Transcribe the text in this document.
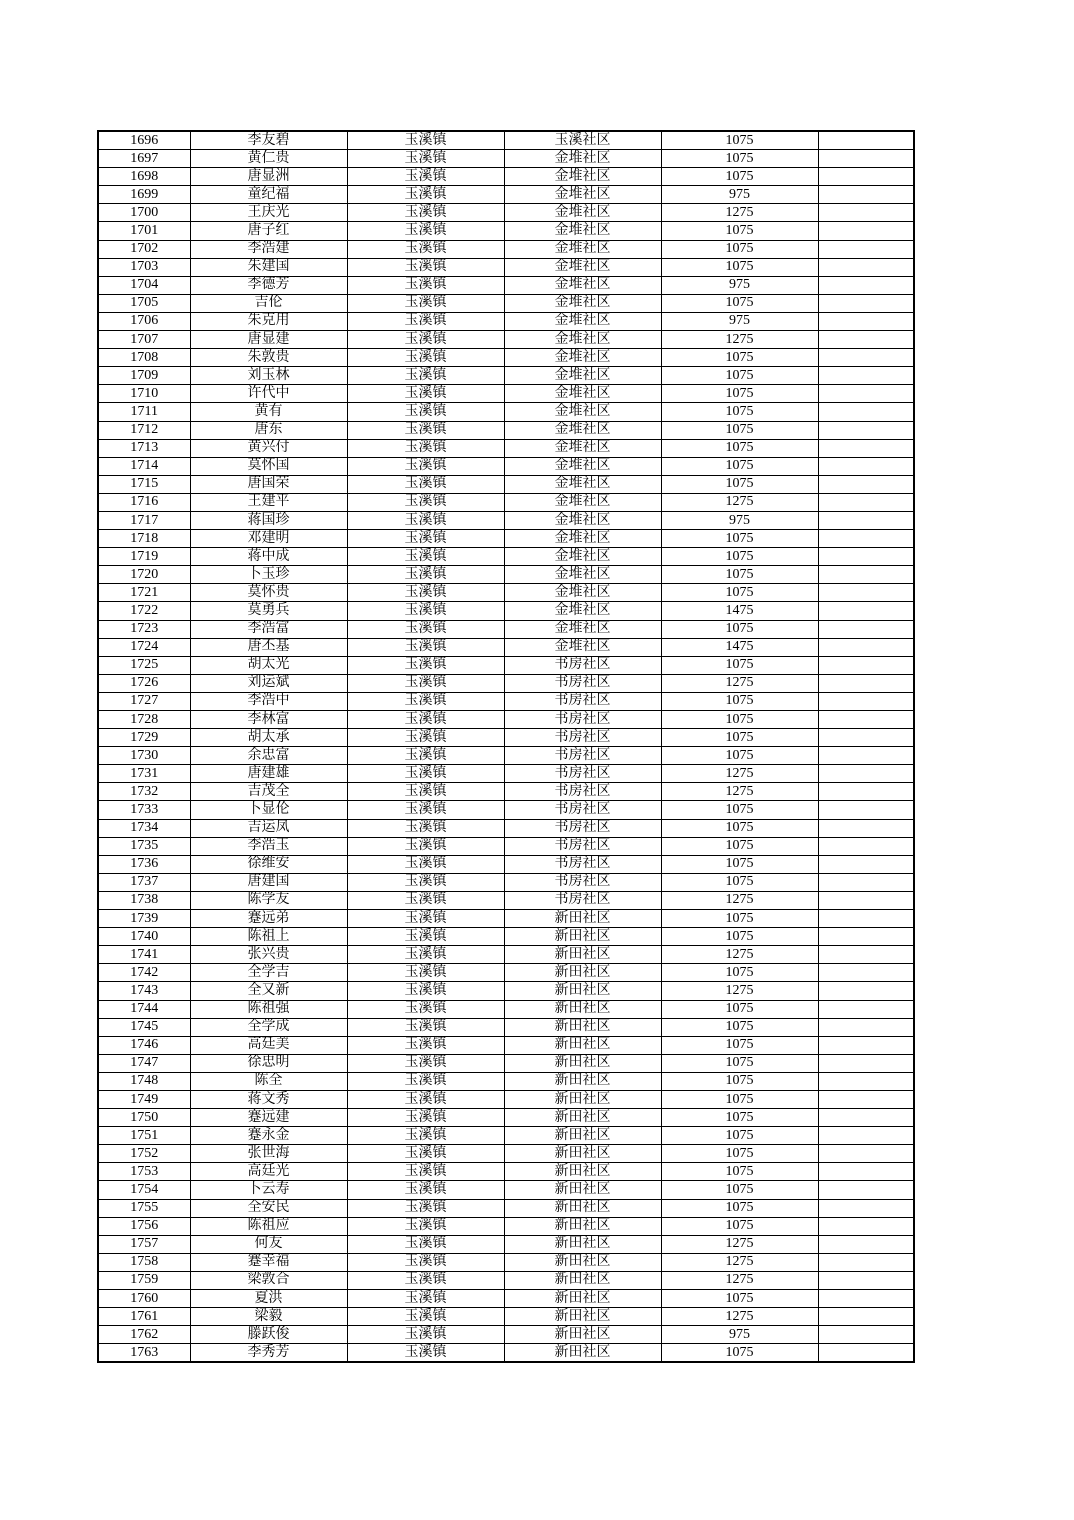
1696	李友碧	玉溪镇	玉溪社区	1075	
1697	黄仁贵	玉溪镇	金堆社区	1075	
1698	唐显洲	玉溪镇	金堆社区	1075	
1699	童纪福	玉溪镇	金堆社区	975	
1700	王庆光	玉溪镇	金堆社区	1275	
1701	唐子红	玉溪镇	金堆社区	1075	
1702	李浩建	玉溪镇	金堆社区	1075	
1703	朱建国	玉溪镇	金堆社区	1075	
1704	李德芳	玉溪镇	金堆社区	975	
1705	吉伦	玉溪镇	金堆社区	1075	
1706	朱克用	玉溪镇	金堆社区	975	
1707	唐显建	玉溪镇	金堆社区	1275	
1708	朱敦贵	玉溪镇	金堆社区	1075	
1709	刘玉林	玉溪镇	金堆社区	1075	
1710	许代中	玉溪镇	金堆社区	1075	
1711	黄有	玉溪镇	金堆社区	1075	
1712	唐东	玉溪镇	金堆社区	1075	
1713	黄兴付	玉溪镇	金堆社区	1075	
1714	莫怀国	玉溪镇	金堆社区	1075	
1715	唐国荣	玉溪镇	金堆社区	1075	
1716	王建平	玉溪镇	金堆社区	1275	
1717	蒋国珍	玉溪镇	金堆社区	975	
1718	邓建明	玉溪镇	金堆社区	1075	
1719	蒋中成	玉溪镇	金堆社区	1075	
1720	卜玉珍	玉溪镇	金堆社区	1075	
1721	莫怀贵	玉溪镇	金堆社区	1075	
1722	莫勇兵	玉溪镇	金堆社区	1475	
1723	李浩富	玉溪镇	金堆社区	1075	
1724	唐丕基	玉溪镇	金堆社区	1475	
1725	胡太光	玉溪镇	书房社区	1075	
1726	刘运斌	玉溪镇	书房社区	1275	
1727	李浩中	玉溪镇	书房社区	1075	
1728	李林富	玉溪镇	书房社区	1075	
1729	胡太承	玉溪镇	书房社区	1075	
1730	余忠富	玉溪镇	书房社区	1075	
1731	唐建雄	玉溪镇	书房社区	1275	
1732	吉茂全	玉溪镇	书房社区	1275	
1733	卜显伦	玉溪镇	书房社区	1075	
1734	吉运凤	玉溪镇	书房社区	1075	
1735	李浩玉	玉溪镇	书房社区	1075	
1736	徐维安	玉溪镇	书房社区	1075	
1737	唐建国	玉溪镇	书房社区	1075	
1738	陈学友	玉溪镇	书房社区	1275	
1739	蹇远弟	玉溪镇	新田社区	1075	
1740	陈祖上	玉溪镇	新田社区	1075	
1741	张兴贵	玉溪镇	新田社区	1275	
1742	全学吉	玉溪镇	新田社区	1075	
1743	全又新	玉溪镇	新田社区	1275	
1744	陈祖强	玉溪镇	新田社区	1075	
1745	全学成	玉溪镇	新田社区	1075	
1746	高廷美	玉溪镇	新田社区	1075	
1747	徐忠明	玉溪镇	新田社区	1075	
1748	陈全	玉溪镇	新田社区	1075	
1749	蒋文秀	玉溪镇	新田社区	1075	
1750	蹇远建	玉溪镇	新田社区	1075	
1751	蹇永金	玉溪镇	新田社区	1075	
1752	张世海	玉溪镇	新田社区	1075	
1753	高廷光	玉溪镇	新田社区	1075	
1754	卜云寿	玉溪镇	新田社区	1075	
1755	全安民	玉溪镇	新田社区	1075	
1756	陈祖应	玉溪镇	新田社区	1075	
1757	何友	玉溪镇	新田社区	1275	
1758	蹇幸福	玉溪镇	新田社区	1275	
1759	梁敦合	玉溪镇	新田社区	1275	
1760	夏洪	玉溪镇	新田社区	1075	
1761	梁毅	玉溪镇	新田社区	1275	
1762	滕跃俊	玉溪镇	新田社区	975	
1763	李秀芳	玉溪镇	新田社区	1075	
